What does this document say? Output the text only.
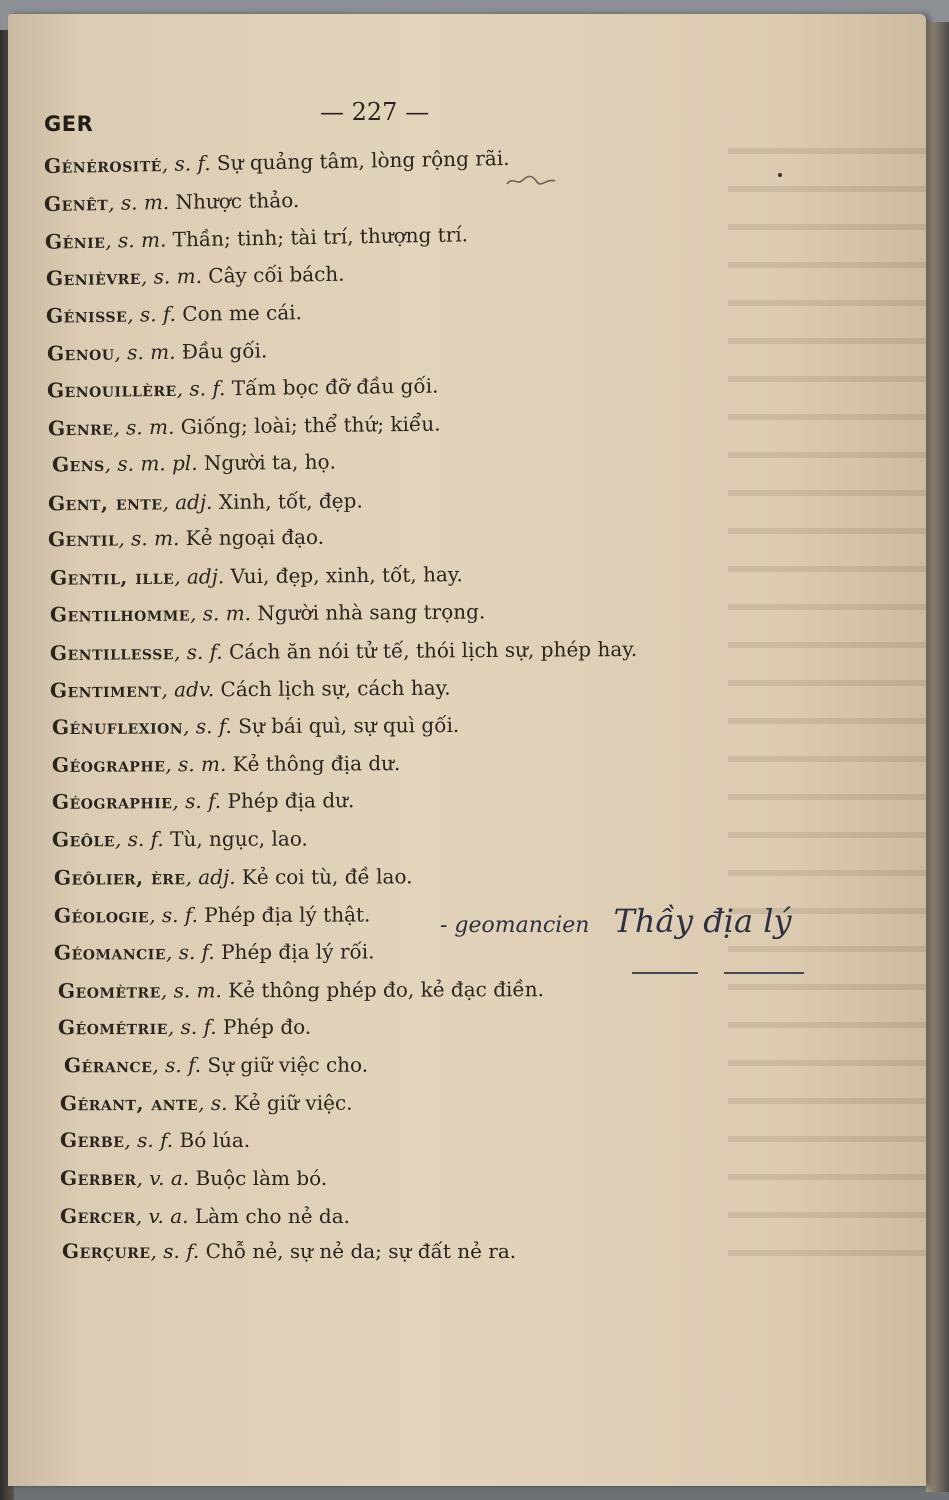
GER	— 227 —
Générosité, s. f. Sự quảng tâm, lòng rộng rãi.
Genêt, s. m. Nhược thảo.
Génie, s. m. Thần; tinh; tài trí, thượng trí.
Genièvre, s. m. Cây cối bách.
Génisse, s. f. Con me cái.
Genou, s. m. Đầu gối.
Genouillère, s. f. Tấm bọc đỡ đầu gối.
Genre, s. m. Giống; loài; thể thứ; kiểu.
Gens, s. m. pl. Người ta, họ.
Gent, ente, adj. Xinh, tốt, đẹp.
Gentil, s. m. Kẻ ngoại đạo.
Gentil, ille, adj. Vui, đẹp, xinh, tốt, hay.
Gentilhomme, s. m. Người nhà sang trọng.
Gentillesse, s. f. Cách ăn nói tử tế, thói lịch sự, phép hay.
Gentiment, adv. Cách lịch sự, cách hay.
Génuflexion, s. f. Sự bái quì, sự quì gối.
Géographe, s. m. Kẻ thông địa dư.
Géographie, s. f. Phép địa dư.
Geôle, s. f. Tù, ngục, lao.
Geôlier, ère, adj. Kẻ coi tù, đề lao.
Géologie, s. f. Phép địa lý thật.
Géomancie, s. f. Phép địa lý rối.
Geomètre, s. m. Kẻ thông phép đo, kẻ đạc điền.
Géométrie, s. f. Phép đo.
Gérance, s. f. Sự giữ việc cho.
Gérant, ante, s. Kẻ giữ việc.
Gerbe, s. f. Bó lúa.
Gerber, v. a. Buộc làm bó.
Gercer, v. a. Làm cho nẻ da.
Gerçure, s. f. Chỗ nẻ, sự nẻ da; sự đất nẻ ra.
- geomancien Thầy địa lý
